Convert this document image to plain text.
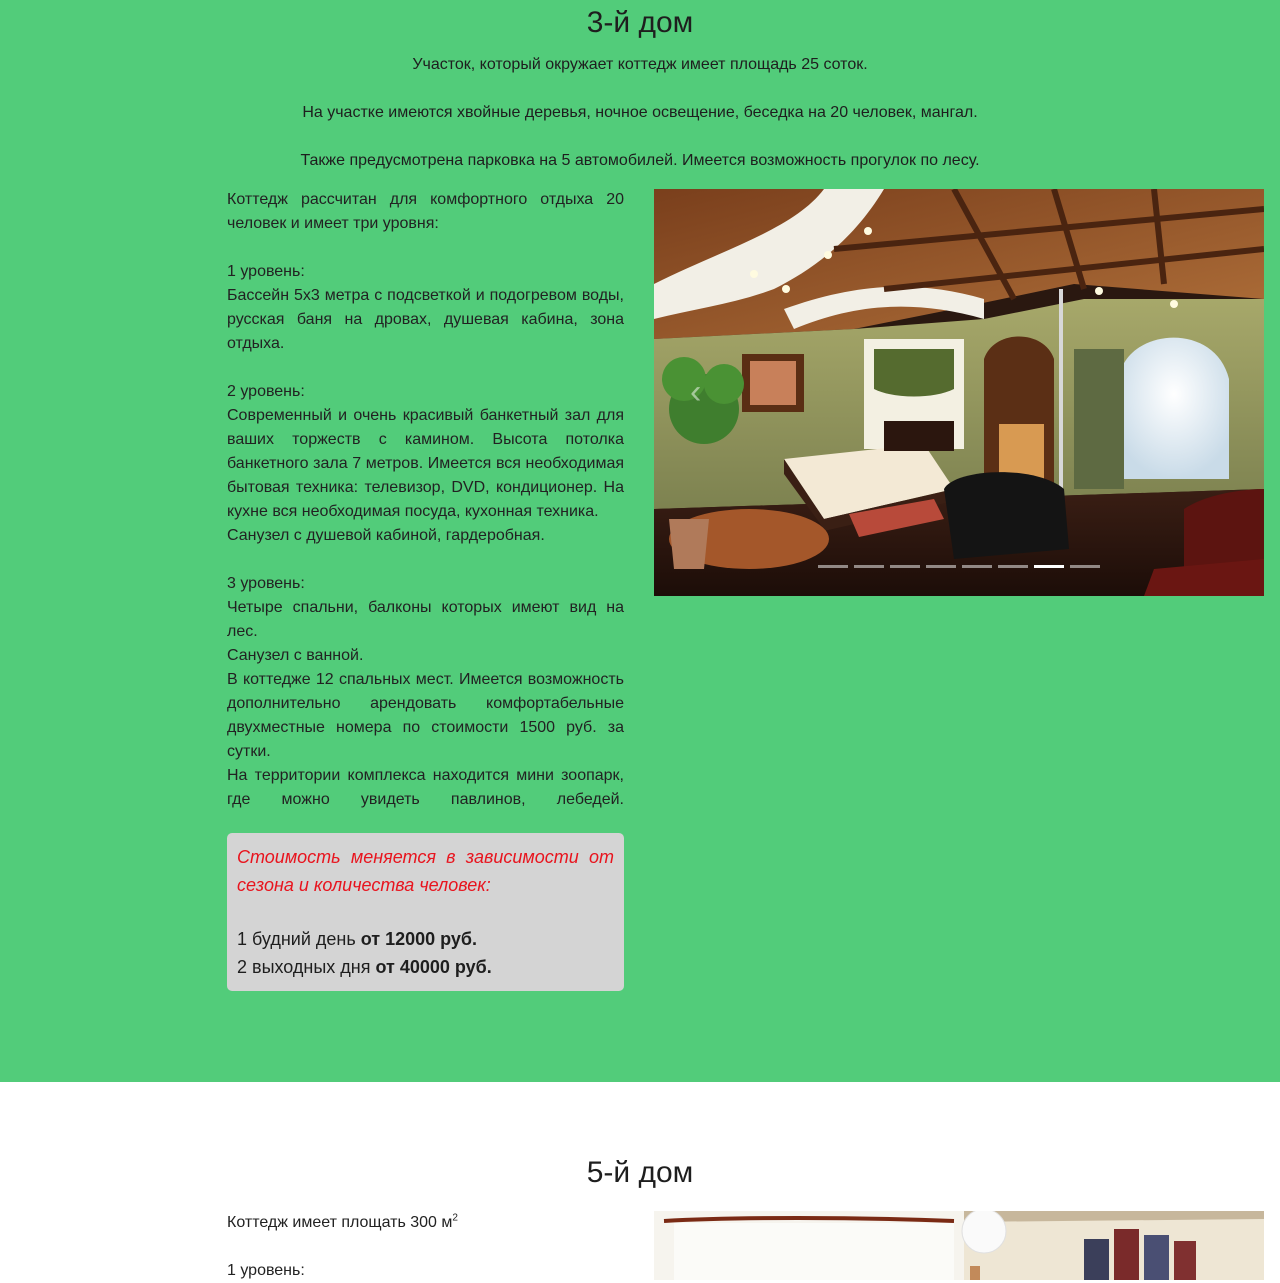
3-й дом

Участок, который окружает коттедж имеет площадь 25 соток.

На участке имеются хвойные деревья, ночное освещение, беседка на 20 человек, мангал.

Также предусмотрена парковка на 5 автомобилей. Имеется возможность прогулок по лесу.

Коттедж рассчитан для комфортного отдыха 20 человек и имеет три уровня:

1 уровень:

Бассейн 5х3 метра с подсветкой и подогревом воды, русская баня на дровах, душевая кабина, зона отдыха.

2 уровень:

Современный и очень красивый банкетный зал для ваших торжеств с камином. Высота потолка банкетного зала 7 метров. Имеется вся необходимая бытовая техника: телевизор, DVD, кондиционер. На кухне вся необходимая посуда, кухонная техника.

Санузел с душевой кабиной, гардеробная.

3 уровень:

Четыре спальни, балконы которых имеют вид на лес.

Санузел с ванной.

В коттедже 12 спальных мест. Имеется возможность дополнительно арендовать комфортабельные двухместные номера по стоимости 1500 руб. за сутки.

На территории комплекса находится мини зоопарк, где можно увидеть павлинов, лебедей.

Стоимость меняется в зависимости от сезона и количества человек:

1 будний день от 12000 руб.

2 выходных дня от 40000 руб.

‹
5-й дом

Коттедж имеет площать 300 $м^2$

1 уровень:
